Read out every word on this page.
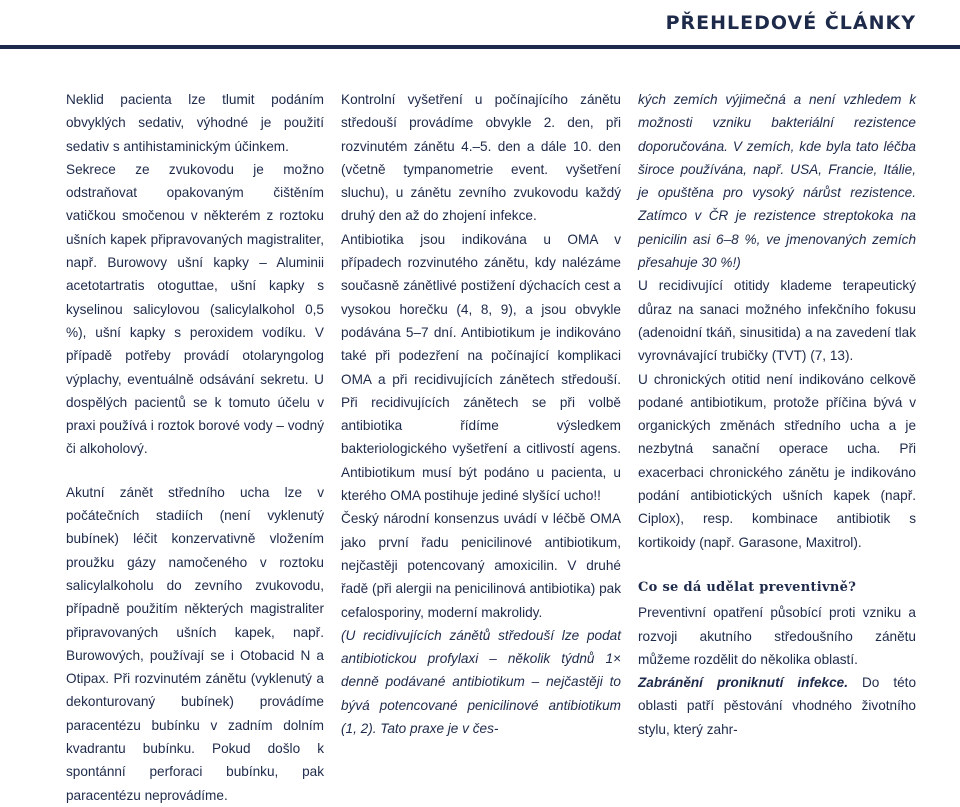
PŘEHLEDOVÉ ČLÁNKY

Neklid pacienta lze tlumit podáním obvyklých sedativ, výhodné je použití sedativ s antihistaminickým účinkem.

Sekrece ze zvukovodu je možno odstraňovat opakovaným čištěním vatičkou smočenou v některém z roztoku ušních kapek připravovaných magistraliter, např. Burowovy ušní kapky – Aluminii acetotartratis otoguttae, ušní kapky s kyselinou salicylovou (salicylalkohol 0,5 %), ušní kapky s peroxidem vodíku. V případě potřeby provádí otolaryngolog výplachy, eventuálně odsávání sekretu. U dospělých pacientů se k tomuto účelu v praxi používá i roztok borové vody – vodný či alkoholový.

Akutní zánět středního ucha lze v počátečních stadiích (není vyklenutý bubínek) léčit konzervativně vložením proužku gázy namočeného v roztoku salicylalkoholu do zevního zvukovodu, případně použitím některých magistraliter připravovaných ušních kapek, např. Burowových, používají se i Otobacid N a Otipax. Při rozvinutém zánětu (vyklenutý a dekonturovaný bubínek) provádíme paracentézu bubínku v zadním dolním kvadrantu bubínku. Pokud došlo k spontánní perforaci bubínku, pak paracentézu neprovádíme.

Kontrolní vyšetření u počínajícího zánětu středouší provádíme obvykle 2. den, při rozvinutém zánětu 4.–5. den a dále 10. den (včetně tympanometrie event. vyšetření sluchu), u zánětu zevního zvukovodu každý druhý den až do zhojení infekce.

Antibiotika jsou indikována u OMA v případech rozvinutého zánětu, kdy nalézáme současně zánětlivé postižení dýchacích cest a vysokou horečku (4, 8, 9), a jsou obvykle podávána 5–7 dní. Antibiotikum je indikováno také při podezření na počínající komplikaci OMA a při recidivujících zánětech středouší. Při recidivujících zánětech se při volbě antibiotika řídíme výsledkem bakteriologického vyšetření a citlivostí agens. Antibiotikum musí být podáno u pacienta, u kterého OMA postihuje jediné slyšící ucho!!

Český národní konsenzus uvádí v léčbě OMA jako první řadu penicilinové antibiotikum, nejčastěji potencovaný amoxicilin. V druhé řadě (při alergii na penicilinová antibiotika) pak cefalosporiny, moderní makrolidy.

(U recidivujících zánětů středouší lze podat antibiotickou profylaxi – několik týdnů 1× denně podávané antibiotikum – nejčastěji to bývá potencované penicilinové antibiotikum (1, 2). Tato praxe je v čes-

kých zemích výjimečná a není vzhledem k možnosti vzniku bakteriální rezistence doporučována. V zemích, kde byla tato léčba široce používána, např. USA, Francie, Itálie, je opuštěna pro vysoký nárůst rezistence. Zatímco v ČR je rezistence streptokoka na penicilin asi 6–8 %, ve jmenovaných zemích přesahuje 30 %!)

U recidivující otitidy klademe terapeutický důraz na sanaci možného infekčního fokusu (adenoidní tkáň, sinusitida) a na zavedení tlak vyrovnávající trubičky (TVT) (7, 13).

U chronických otitid není indikováno celkově podané antibiotikum, protože příčina bývá v organických změnách středního ucha a je nezbytná sanační operace ucha. Při exacerbaci chronického zánětu je indikováno podání antibiotických ušních kapek (např. Ciplox), resp. kombinace antibiotik s kortikoidy (např. Garasone, Maxitrol).

Co se dá udělat preventivně?

Preventivní opatření působící proti vzniku a rozvoji akutního středoušního zánětu můžeme rozdělit do několika oblastí.

Zabránění proniknutí infekce. Do této oblasti patří pěstování vhodného životního stylu, který zahr-
